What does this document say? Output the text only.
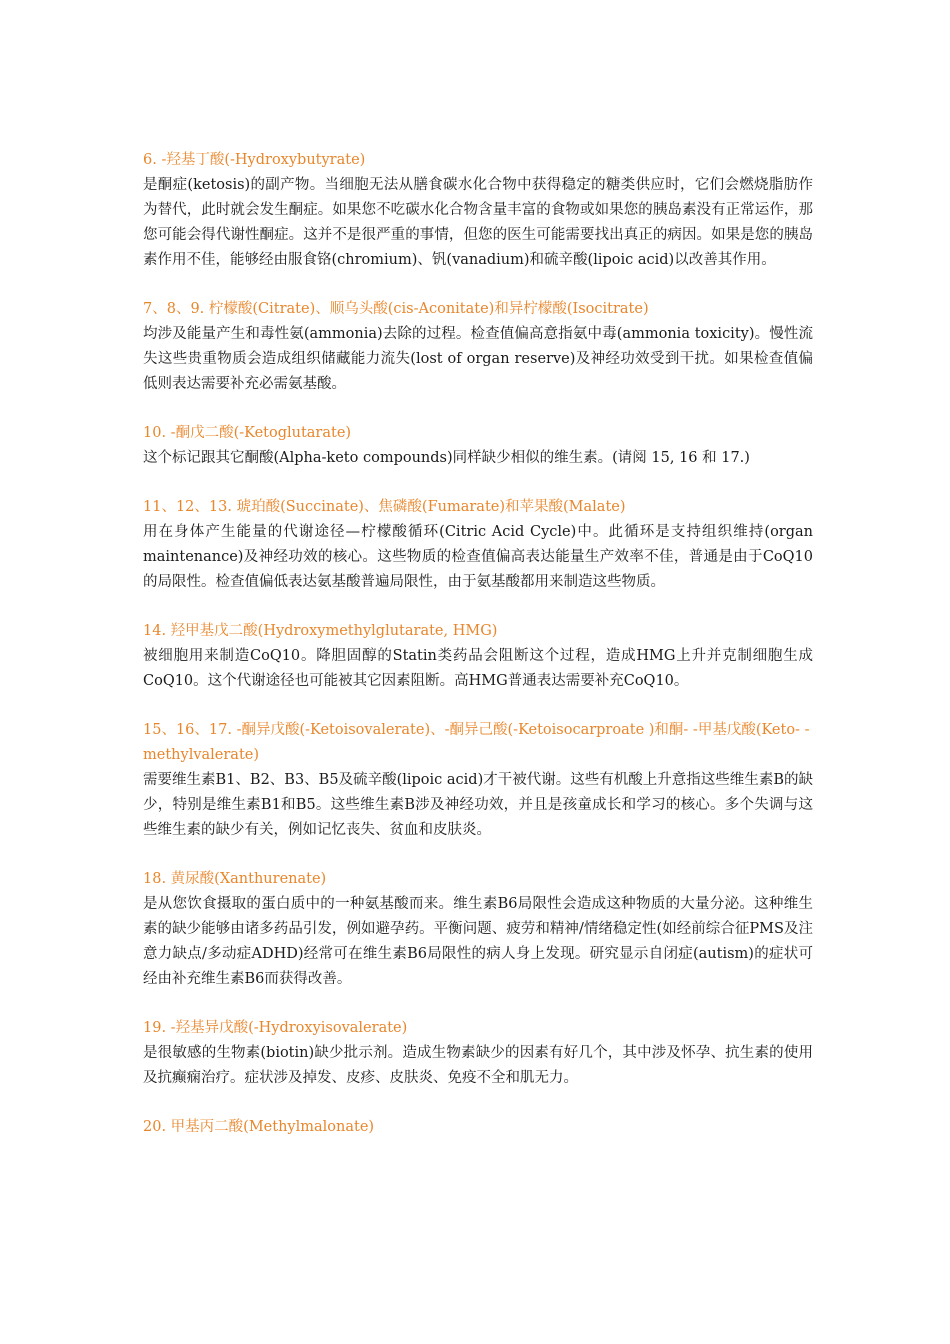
6. -羟基丁酸(-Hydroxybutyrate)

是酮症(ketosis)的副产物。当细胞无法从膳食碳水化合物中获得稳定的糖类供应时，它们会燃烧脂肪作为替代，此时就会发生酮症。如果您不吃碳水化合物含量丰富的食物或如果您的胰岛素没有正常运作，那您可能会得代谢性酮症。这并不是很严重的事情，但您的医生可能需要找出真正的病因。如果是您的胰岛素作用不佳，能够经由服食铬(chromium)、钒(vanadium)和硫辛酸(lipoic acid)以改善其作用。

7、8、9. 柠檬酸(Citrate)、顺乌头酸(cis-Aconitate)和异柠檬酸(Isocitrate)

均涉及能量产生和毒性氨(ammonia)去除的过程。检查值偏高意指氨中毒(ammonia toxicity)。慢性流失这些贵重物质会造成组织储藏能力流失(lost of organ reserve)及神经功效受到干扰。如果检查值偏低则表达需要补充必需氨基酸。

10. -酮戊二酸(-Ketoglutarate)

这个标记跟其它酮酸(Alpha-keto compounds)同样缺少相似的维生素。(请阅 15, 16 和 17.)

11、12、13. 琥珀酸(Succinate)、焦磷酸(Fumarate)和苹果酸(Malate)

用在身体产生能量的代谢途径—柠檬酸循环(Citric Acid Cycle)中。此循环是支持组织维持(organ maintenance)及神经功效的核心。这些物质的检查值偏高表达能量生产效率不佳，普通是由于CoQ10的局限性。检查值偏低表达氨基酸普遍局限性，由于氨基酸都用来制造这些物质。

14. 羟甲基戊二酸(Hydroxymethylglutarate, HMG)

被细胞用来制造CoQ10。降胆固醇的Statin类药品会阻断这个过程，造成HMG上升并克制细胞生成CoQ10。这个代谢途径也可能被其它因素阻断。高HMG普通表达需要补充CoQ10。

15、16、17. -酮异戊酸(-Ketoisovalerate)、-酮异己酸(-Ketoisocarproate )和酮- -甲基戊酸(Keto- -methylvalerate)

需要维生素B1、B2、B3、B5及硫辛酸(lipoic acid)才干被代谢。这些有机酸上升意指这些维生素B的缺少，特别是维生素B1和B5。这些维生素B涉及神经功效，并且是孩童成长和学习的核心。多个失调与这些维生素的缺少有关，例如记忆丧失、贫血和皮肤炎。

18. 黄尿酸(Xanthurenate)

是从您饮食摄取的蛋白质中的一种氨基酸而来。维生素B6局限性会造成这种物质的大量分泌。这种维生素的缺少能够由诸多药品引发，例如避孕药。平衡问题、疲劳和精神/情绪稳定性(如经前综合征PMS及注意力缺点/多动症ADHD)经常可在维生素B6局限性的病人身上发现。研究显示自闭症(autism)的症状可经由补充维生素B6而获得改善。

19. -羟基异戊酸(-Hydroxyisovalerate)

是很敏感的生物素(biotin)缺少批示剂。造成生物素缺少的因素有好几个，其中涉及怀孕、抗生素的使用及抗癫痫治疗。症状涉及掉发、皮疹、皮肤炎、免疫不全和肌无力。

20. 甲基丙二酸(Methylmalonate)
